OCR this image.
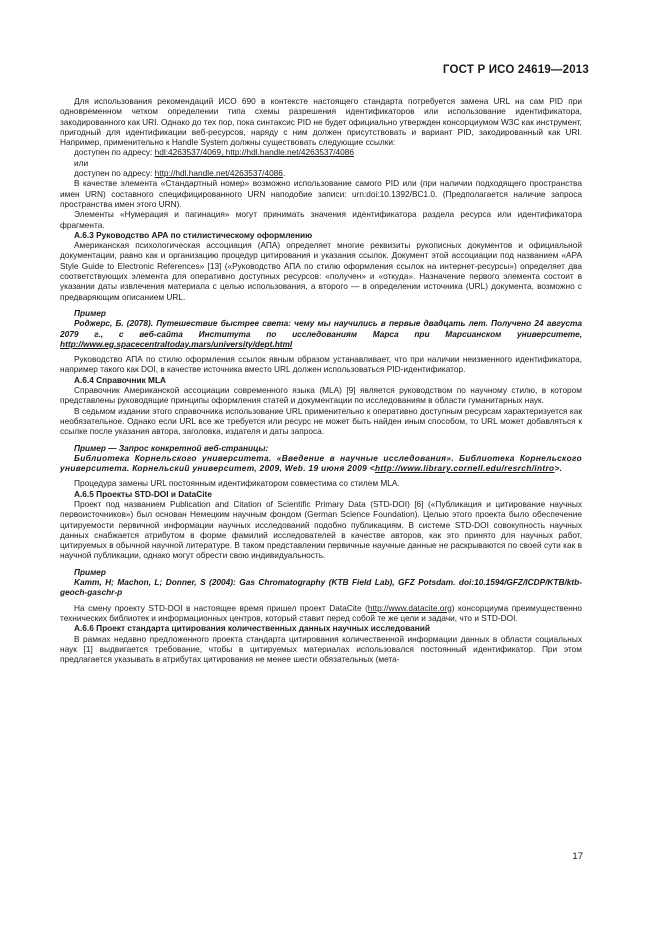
ГОСТ Р ИСО 24619—2013

Для использования рекомендаций ИСО 690 в контексте настоящего стандарта потребуется замена URL на сам PID при одновременном четком определении типа схемы разрешения идентификаторов или использование идентификатора, закодированного как URI. Однако до тех пор, пока синтаксис PID не будет официально утвержден консорциумом W3C как инструмент, пригодный для идентификации веб-ресурсов, наряду с ним должен присутствовать и вариант PID, закодированный как URI. Например, применительно к Handle System должны существовать следующие ссылки:

доступен по адресу: hdl:4263537/4069, http://hdl.handle.net/4263537/4086

или

доступен по адресу: http://hdl.handle.net/4263537/4086.

В качестве элемента «Стандартный номер» возможно использование самого PID или (при наличии подходящего пространства имен URN) составного специфицированного URN наподобие записи: urn:doi:10.1392/BC1.0. (Предполагается наличие запроса пространства имен этого URN).

Элементы «Нумерация и пагинация» могут принимать значения идентификатора раздела ресурса или идентификатора фрагмента.

А.6.3 Руководство АРА по стилистическому оформлению

Американская психологическая ассоциация (АПА) определяет многие реквизиты рукописных документов и официальной документации, равно как и организацию процедур цитирования и указания ссылок. Документ этой ассоциации под названием «APA Style Guide to Electronic References» [13] («Руководство АПА по стилю оформления ссылок на интернет-ресурсы») определяет два соответствующих элемента для оперативно доступных ресурсов: «получен» и «откуда». Назначение первого элемента состоит в указании даты извлечения материала с целью использования, а второго — в определении источника (URL) документа, возможно с предваряющим описанием URL.

Пример
Роджерс, Б. (2078). Путешествие быстрее света: чему мы научились в первые двадцать лет. Получено 24 августа 2079 г., с веб-сайта Института по исследованиям Марса при Марсианском университете, http://www.eg.spacecentraltoday.mars/university/dept.html

Руководство АПА по стилю оформления ссылок явным образом устанавливает, что при наличии неизменного идентификатора, например такого как DOI, в качестве источника вместо URL должен использоваться PID-идентификатор.

А.6.4 Справочник MLA

Справочник Американской ассоциации современного языка (MLA) [9] является руководством по научному стилю, в котором представлены руководящие принципы оформления статей и документации по исследованиям в области гуманитарных наук.

В седьмом издании этого справочника использование URL применительно к оперативно доступным ресурсам характеризуется как необязательное. Однако если URL все же требуется или ресурс не может быть найден иным способом, то URL может добавляться к ссылке после указания автора, заголовка, издателя и даты запроса.

Пример — Запрос конкретной веб-страницы:
Библиотека Корнельского университета. «Введение в научные исследования». Библиотека Корнельского университета. Корнельский университет, 2009, Web. 19 июня 2009 <http://www.library.cornell.edu/resrch/intro>.

Процедура замены URL постоянным идентификатором совместима со стилем MLA.

А.6.5 Проекты STD-DOI и DataCite

Проект под названием Publication and Citation of Scientific Primary Data (STD-DOI) [6] («Публикация и цитирование научных первоисточников») был основан Немецким научным фондом (German Science Foundation). Целью этого проекта было обеспечение цитируемости первичной информации научных исследований подобно публикациям. В системе STD-DOI совокупность научных данных снабжается атрибутом в форме фамилий исследователей в качестве авторов, как это принято для научных работ, цитируемых в обычной научной литературе. В таком представлении первичные научные данные не раскрываются по своей сути как в научной публикации, однако могут обрести свою индивидуальность.

Пример
Kamm, H; Machon, L; Donner, S (2004): Gas Chromatography (KTB Field Lab), GFZ Potsdam. doi:10.1594/GFZ/ICDP/KTB/ktb-geoch-gaschr-p

На смену проекту STD-DOI в настоящее время пришел проект DataCite (http://www.datacite.org) консорциума преимущественно технических библиотек и информационных центров, который ставит перед собой те же цели и задачи, что и STD-DOI.

А.6.6 Проект стандарта цитирования количественных данных научных исследований

В рамках недавно предложенного проекта стандарта цитирования количественной информации данных в области социальных наук [1] выдвигается требование, чтобы в цитируемых материалах использовался постоянный идентификатор. При этом предлагается указывать в атрибутах цитирования не менее шести обязательных (мета-

17
